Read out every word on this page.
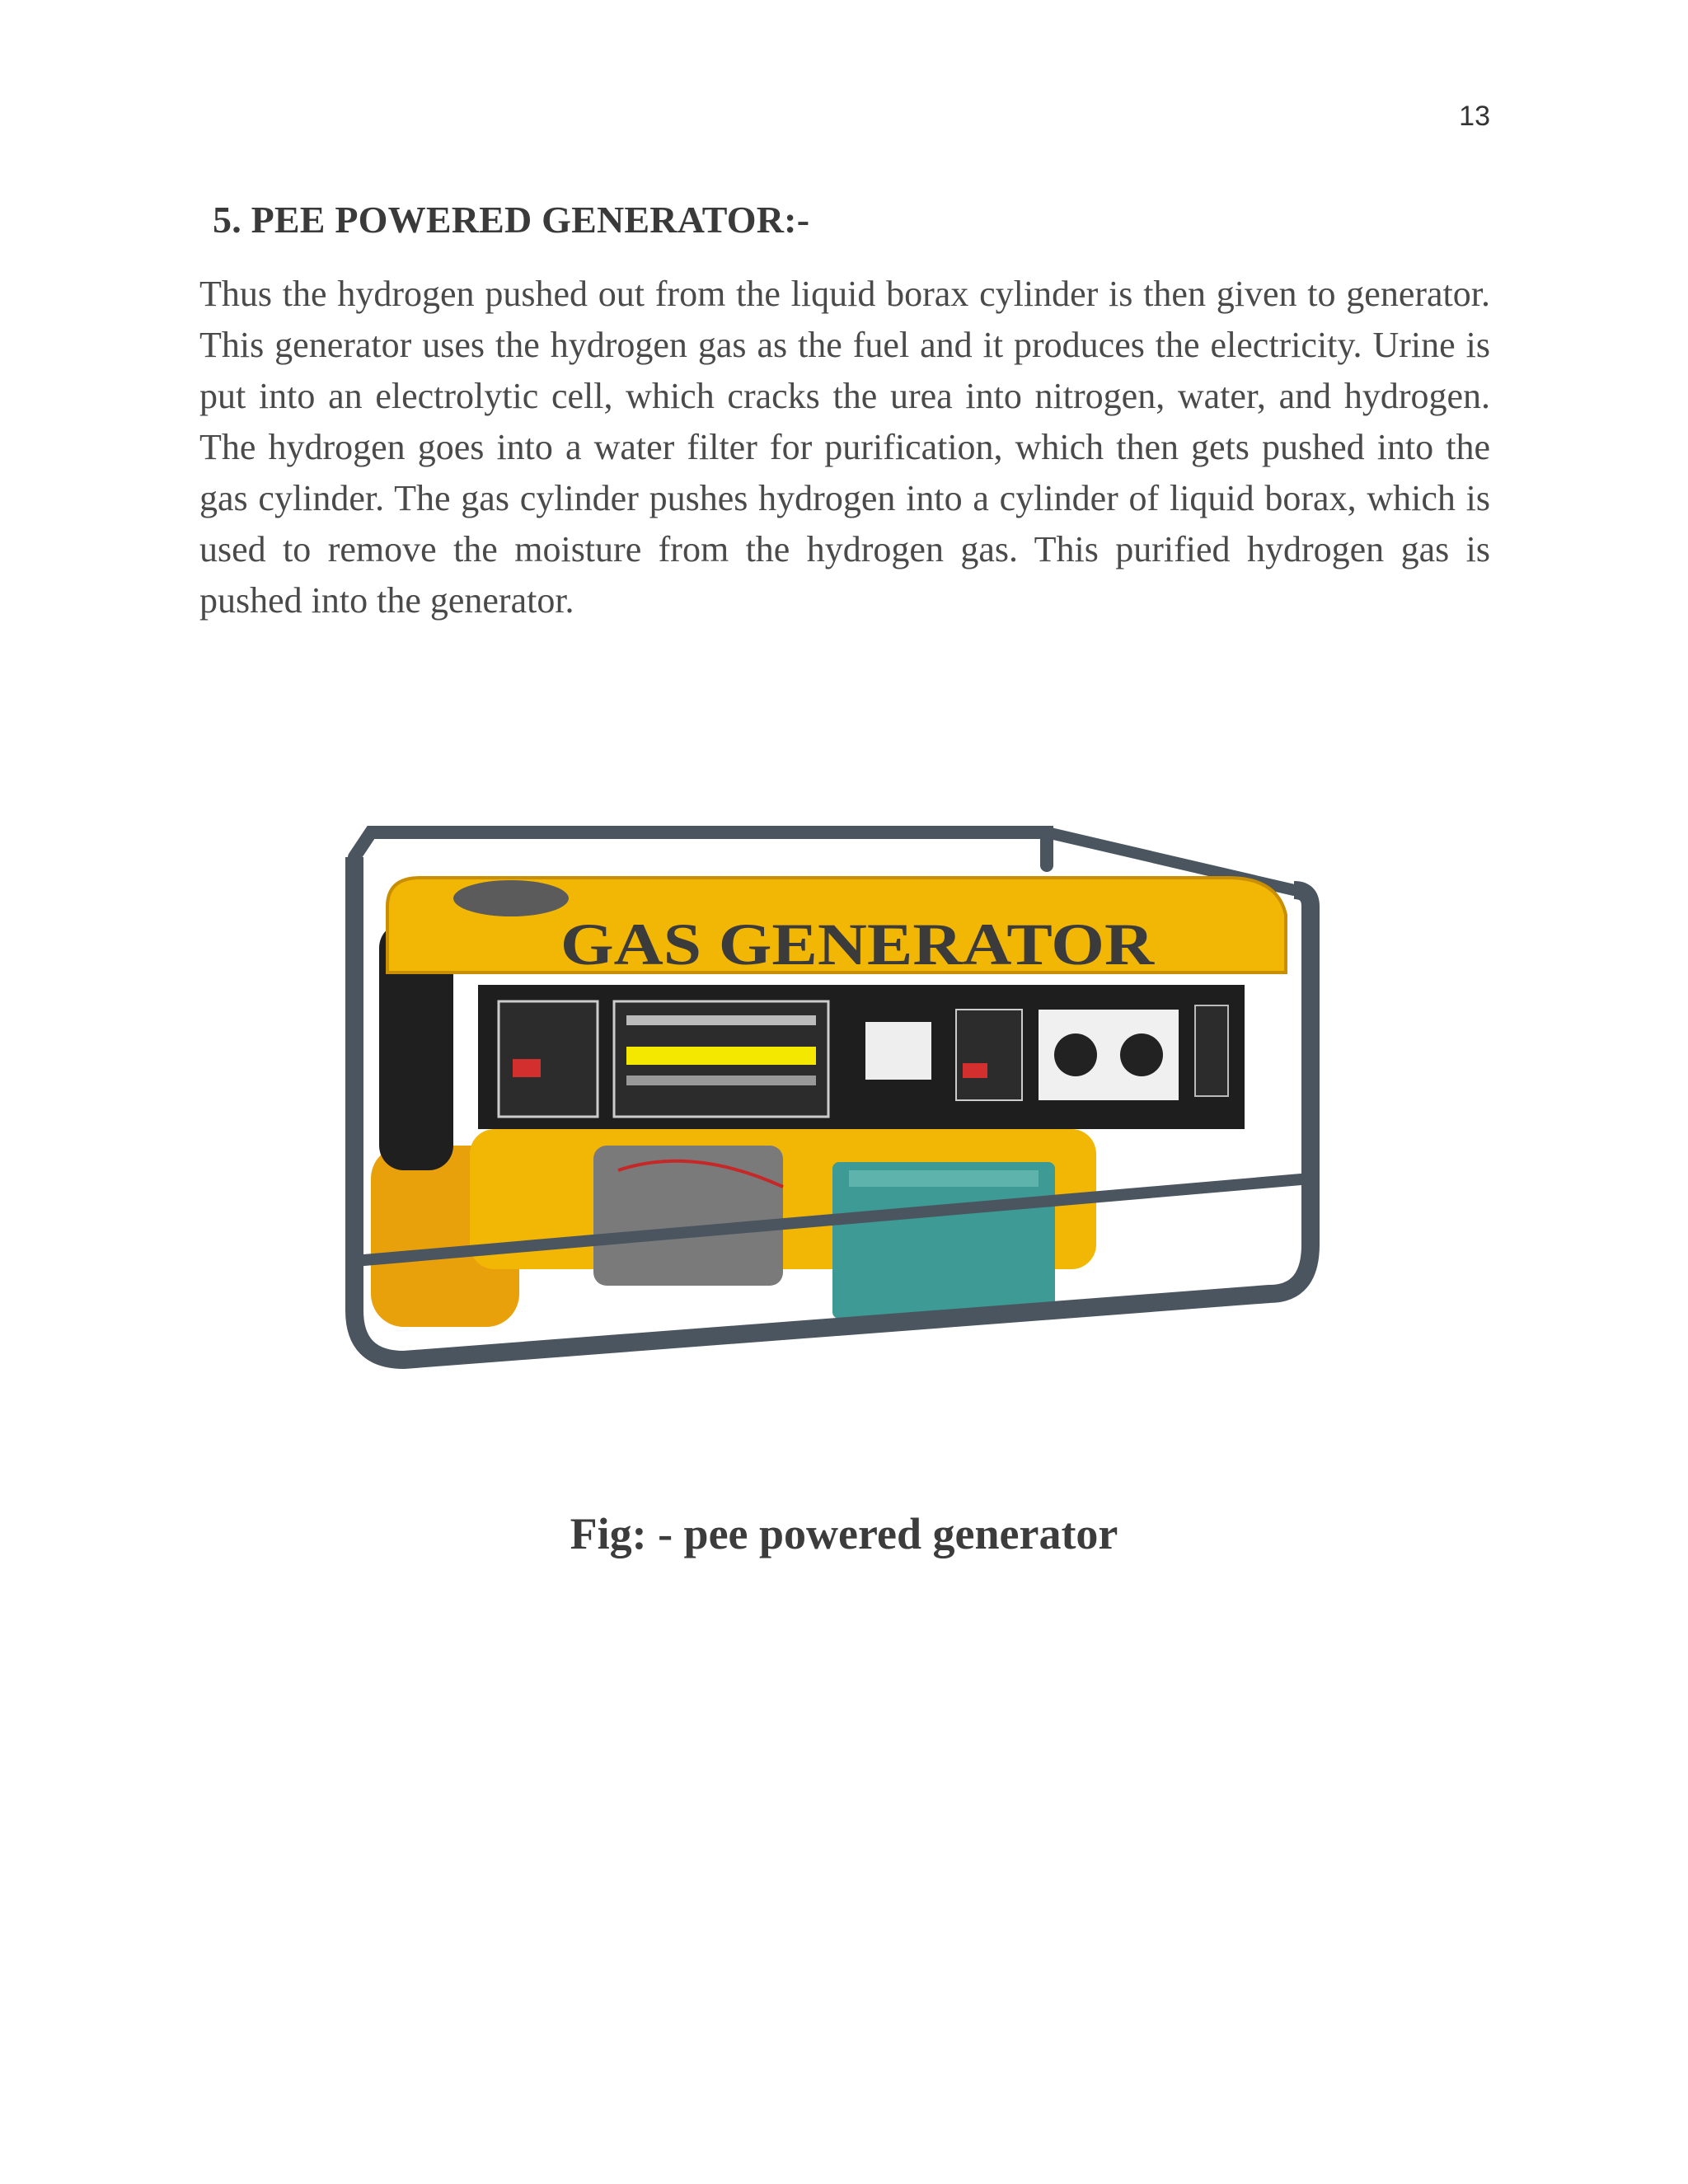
13
5. PEE POWERED GENERATOR:-

Thus the hydrogen pushed out from the liquid borax cylinder is then given to generator. This generator uses the hydrogen gas as the fuel and it produces the electricity. Urine is put into an electrolytic cell, which cracks the urea into nitrogen, water, and hydrogen. The hydrogen goes into a water filter for purification, which then gets pushed into the gas cylinder. The gas cylinder pushes hydrogen into a cylinder of liquid borax, which is used to remove the moisture from the hydrogen gas. This purified hydrogen gas is pushed into the generator.

GAS GENERATOR

Fig: - pee powered generator
